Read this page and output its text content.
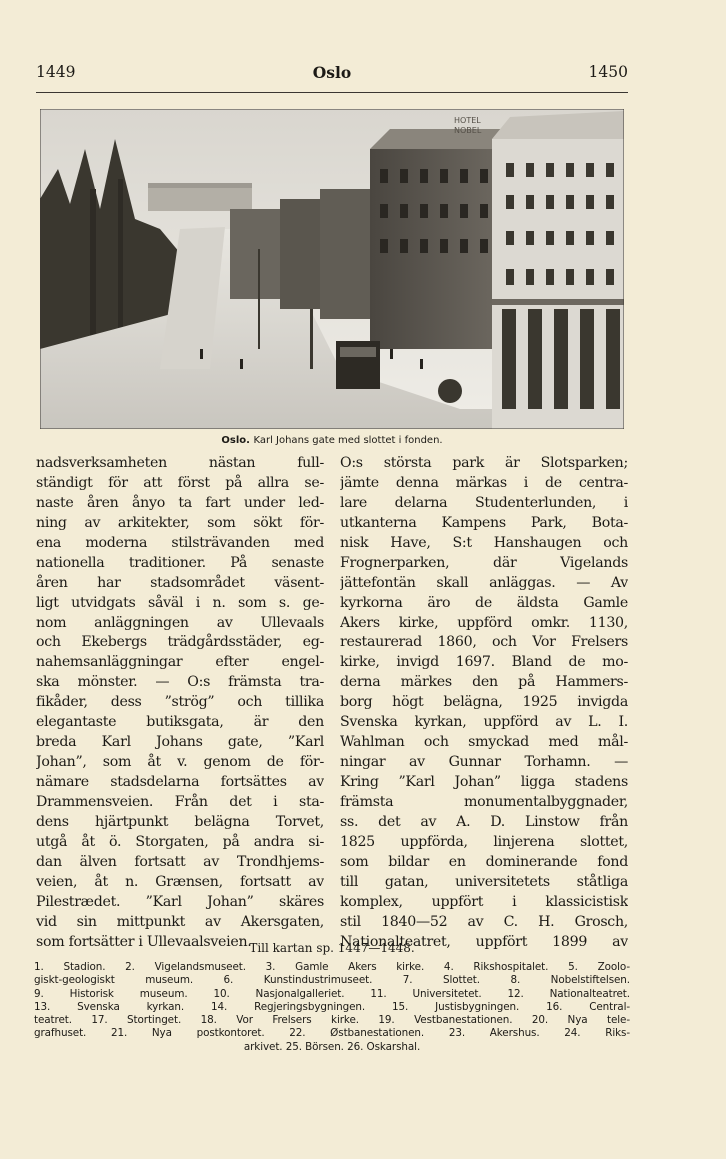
1449	Oslo	1450
HOTEL
NOBEL
Oslo. Karl Johans gate med slottet i fonden.
nadsverksamheten nästan full-
ständigt för att först på allra se-
naste åren ånyo ta fart under led-
ning av arkitekter, som sökt för-
ena moderna stilsträvanden med
nationella traditioner. På senaste
åren har stadsområdet väsent-
ligt utvidgats såväl i n. som s. ge-
nom anläggningen av Ullevaals
och Ekebergs trädgårdsstäder, eg-
nahemsanläggningar efter engel-
ska mönster. — O:s främsta tra-
fikåder, dess ”strög” och tillika
elegantaste butiksgata, är den
breda Karl Johans gate, ”Karl
Johan”, som åt v. genom de för-
nämare stadsdelarna fortsättes av
Drammensveien. Från det i sta-
dens hjärtpunkt belägna Torvet,
utgå åt ö. Storgaten, på andra si-
dan älven fortsatt av Trondhjems-
veien, åt n. Grænsen, fortsatt av
Pilestrædet. ”Karl Johan” skäres
vid sin mittpunkt av Akersgaten,
som fortsätter i Ullevaalsveien.
O:s största park är Slotsparken;
jämte denna märkas i de centra-
lare delarna Studenterlunden, i
utkanterna Kampens Park, Bota-
nisk Have, S:t Hanshaugen och
Frognerparken, där Vigelands
jättefontän skall anläggas. — Av
kyrkorna äro de äldsta Gamle
Akers kirke, uppförd omkr. 1130,
restaurerad 1860, och Vor Frelsers
kirke, invigd 1697. Bland de mo-
derna märkes den på Hammers-
borg högt belägna, 1925 invigda
Svenska kyrkan, uppförd av L. I.
Wahlman och smyckad med mål-
ningar av Gunnar Torhamn. —
Kring ”Karl Johan” ligga stadens
främsta monumentalbyggnader,
ss. det av A. D. Linstow från
1825 uppförda, linjerena slottet,
som bildar en dominerande fond
till gatan, universitetets ståtliga
komplex, uppfört i klassicistisk
stil 1840—52 av C. H. Grosch,
Nationalteatret, uppfört 1899 av
Till kartan sp. 1447—1448.
1. Stadion. 2. Vigelandsmuseet. 3. Gamle Akers kirke. 4. Rikshospitalet. 5. Zoolo-
giskt-geologiskt museum. 6. Kunstindustrimuseet. 7. Slottet. 8. Nobelstiftelsen.
9. Historisk museum. 10. Nasjonalgalleriet. 11. Universitetet. 12. Nationalteatret.
13. Svenska kyrkan. 14. Regjeringsbygningen. 15. Justisbygningen. 16. Central-
teatret. 17. Stortinget. 18. Vor Frelsers kirke. 19. Vestbanestationen. 20. Nya tele-
grafhuset. 21. Nya postkontoret. 22. Østbanestationen. 23. Akershus. 24. Riks-
arkivet. 25. Börsen. 26. Oskarshal.
